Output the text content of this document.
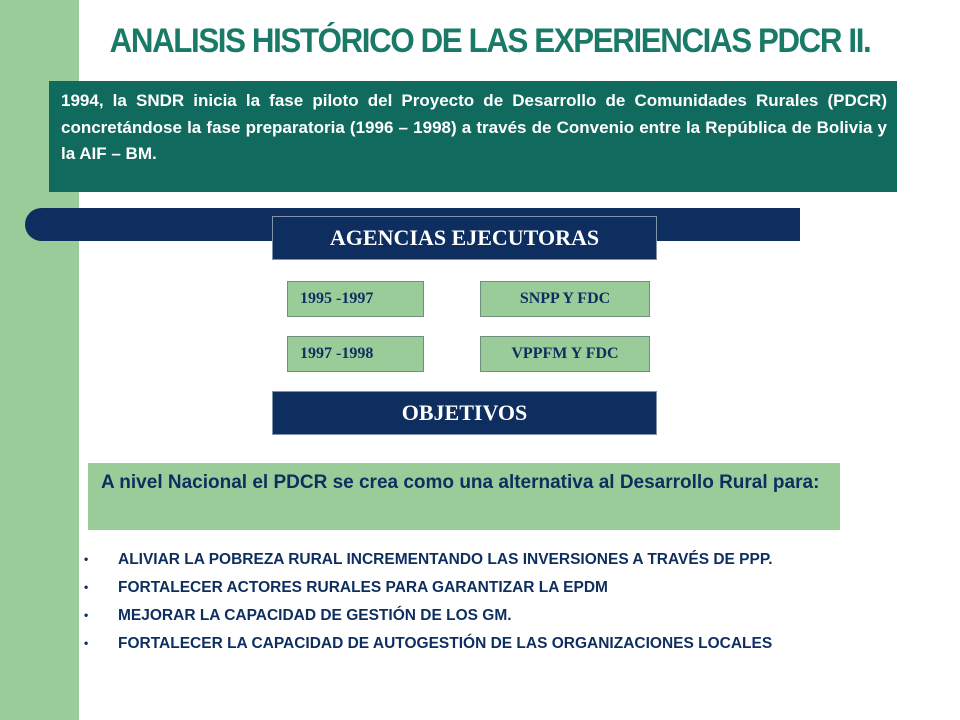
ANALISIS HISTÓRICO DE LAS EXPERIENCIAS PDCR II.
1994, la SNDR inicia la fase piloto del Proyecto de Desarrollo de Comunidades Rurales (PDCR) concretándose la fase preparatoria (1996 – 1998) a través de Convenio entre la República de Bolivia y la AIF – BM.
AGENCIAS EJECUTORAS
1995 -1997	SNPP Y FDC
1997 -1998	VPPFM Y FDC
OBJETIVOS
A nivel Nacional el PDCR se crea como una alternativa al Desarrollo Rural para:
• ALIVIAR LA POBREZA RURAL INCREMENTANDO LAS INVERSIONES A TRAVÉS DE PPP.
• FORTALECER ACTORES RURALES PARA GARANTIZAR LA EPDM
• MEJORAR LA CAPACIDAD DE GESTIÓN DE LOS GM.
• FORTALECER LA CAPACIDAD DE AUTOGESTIÓN DE LAS ORGANIZACIONES LOCALES
